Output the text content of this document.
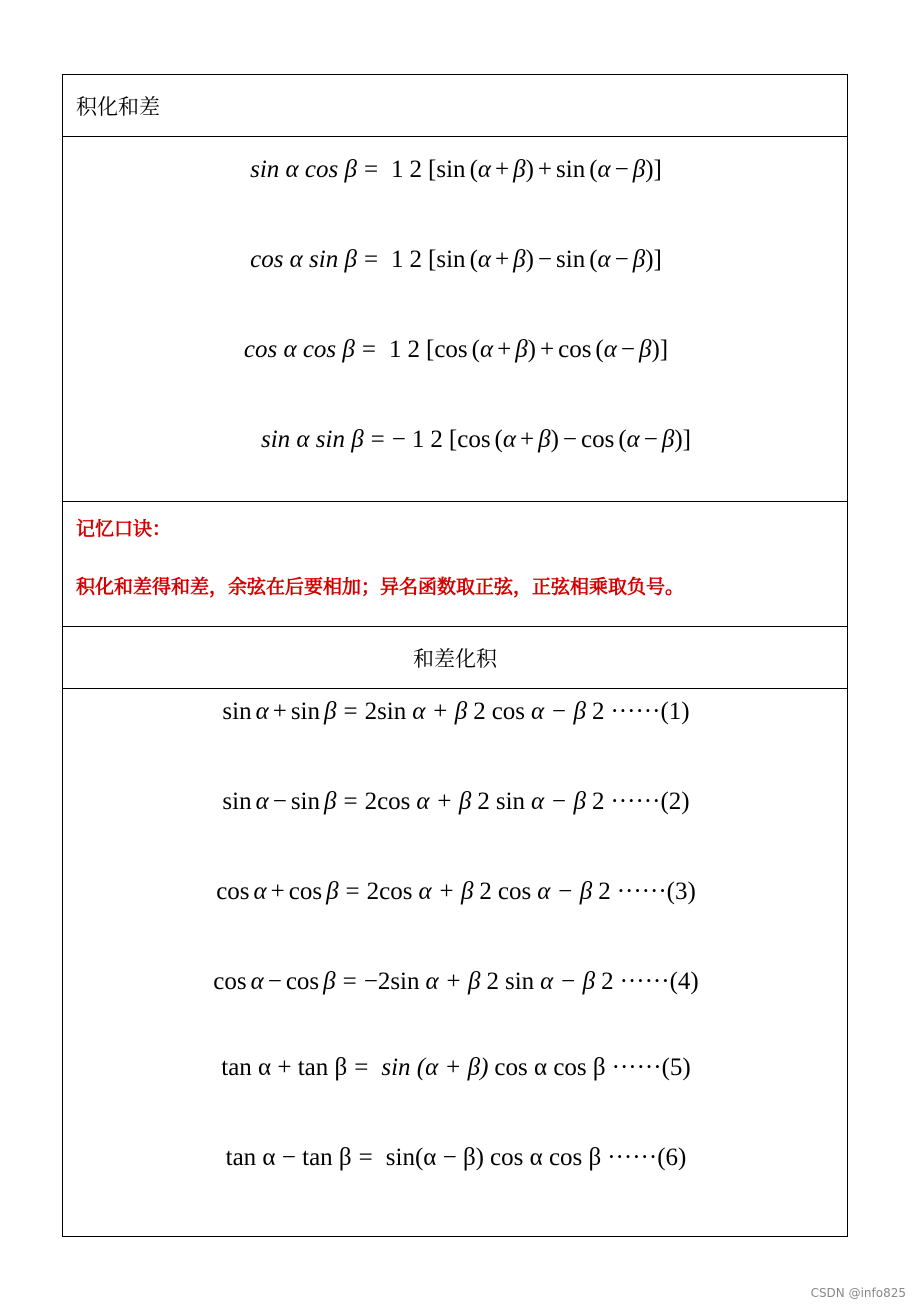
积化和差
sin α cos β = 1 2 [ sin ( α + β ) + sin ( α − β )]
cos α sin β = 1 2 [ sin ( α + β ) − sin ( α − β )]
cos α cos β = 1 2 [ cos ( α + β ) + cos ( α − β )]
sin α sin β = − 1 2 [ cos ( α + β ) − cos ( α − β )]
记忆口诀：
积化和差得和差，余弦在后要相加；异名函数取正弦，正弦相乘取负号。
和差化积
sin α + sin β = 2 sin α + β 2 cos α − β 2 ······ (1)
sin α − sin β = 2 cos α + β 2 sin α − β 2 ······ (2)
cos α + cos β = 2 cos α + β 2 cos α − β 2 ······ (3)
cos α − cos β = −2 sin α + β 2 sin α − β 2 ······ (4)
tan α + tan β = sin (α + β) cos α cos β ······ (5)
tan α − tan β = sin(α − β) cos α cos β ······ (6)
CSDN @info825
